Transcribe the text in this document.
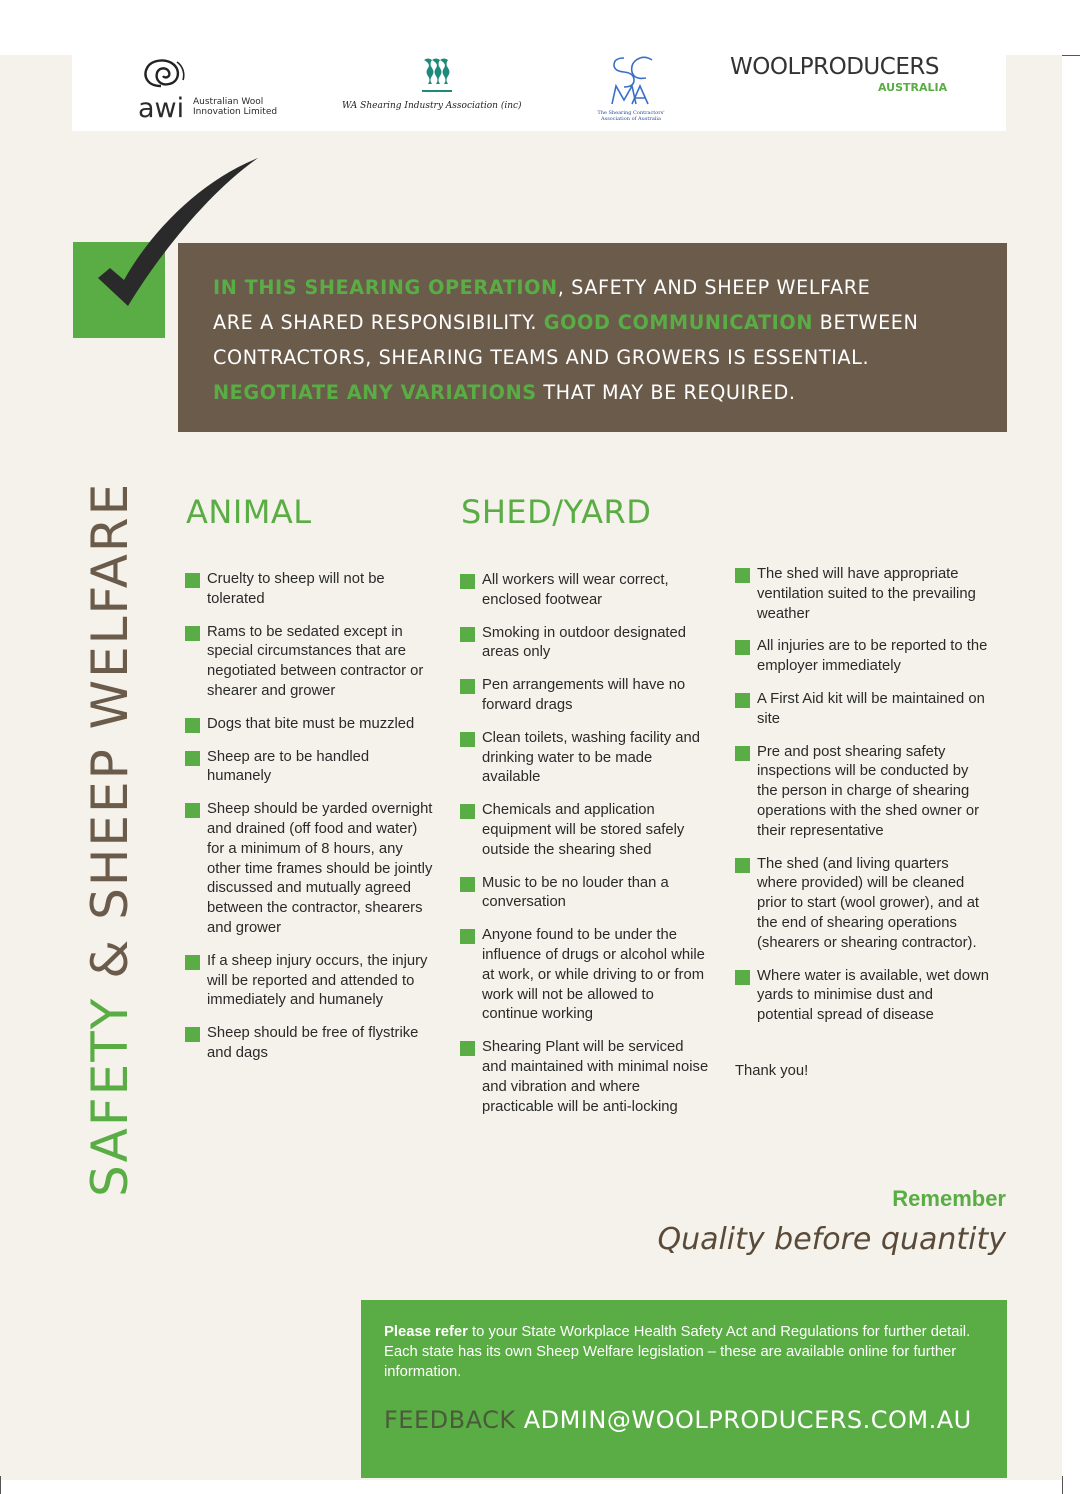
awi Australian Wool Innovation Limited
WA Shearing Industry Association (inc)
The Shearing Contractors' Association of Australia
WOOLPRODUCERS
AUSTRALIA
IN THIS SHEARING OPERATION, SAFETY AND SHEEP WELFARE
ARE A SHARED RESPONSIBILITY. GOOD COMMUNICATION BETWEEN
CONTRACTORS, SHEARING TEAMS AND GROWERS IS ESSENTIAL.
NEGOTIATE ANY VARIATIONS THAT MAY BE REQUIRED.
SAFETY & SHEEP WELFARE ANIMAL	SHED/YARD
Cruelty to sheep will not be tolerated
Rams to be sedated except in special circumstances that are negotiated between contractor or shearer and grower
Dogs that bite must be muzzled
Sheep are to be handled humanely
Sheep should be yarded overnight and drained (off food and water) for a minimum of 8 hours, any other time frames should be jointly discussed and mutually agreed between the contractor, shearers and grower
If a sheep injury occurs, the injury will be reported and attended to immediately and humanely
Sheep should be free of flystrike and dags
All workers will wear correct, enclosed footwear
Smoking in outdoor designated areas only
Pen arrangements will have no forward drags
Clean toilets, washing facility and drinking water to be made available
Chemicals and application equipment will be stored safely outside the shearing shed
Music to be no louder than a conversation
Anyone found to be under the influence of drugs or alcohol while at work, or while driving to or from work will not be allowed to continue working
Shearing Plant will be serviced and maintained with minimal noise and vibration and where practicable will be anti-locking
The shed will have appropriate ventilation suited to the prevailing weather
All injuries are to be reported to the employer immediately
A First Aid kit will be maintained on site
Pre and post shearing safety inspections will be conducted by the person in charge of shearing operations with the shed owner or their representative
The shed (and living quarters where provided) will be cleaned prior to start (wool grower), and at the end of shearing operations (shearers or shearing contractor).
Where water is available, wet down yards to minimise dust and potential spread of disease
Thank you!
Remember
Quality before quantity
Please refer to your State Workplace Health Safety Act and Regulations for further detail. Each state has its own Sheep Welfare legislation – these are available online for further information.
FEEDBACK ADMIN@WOOLPRODUCERS.COM.AU
